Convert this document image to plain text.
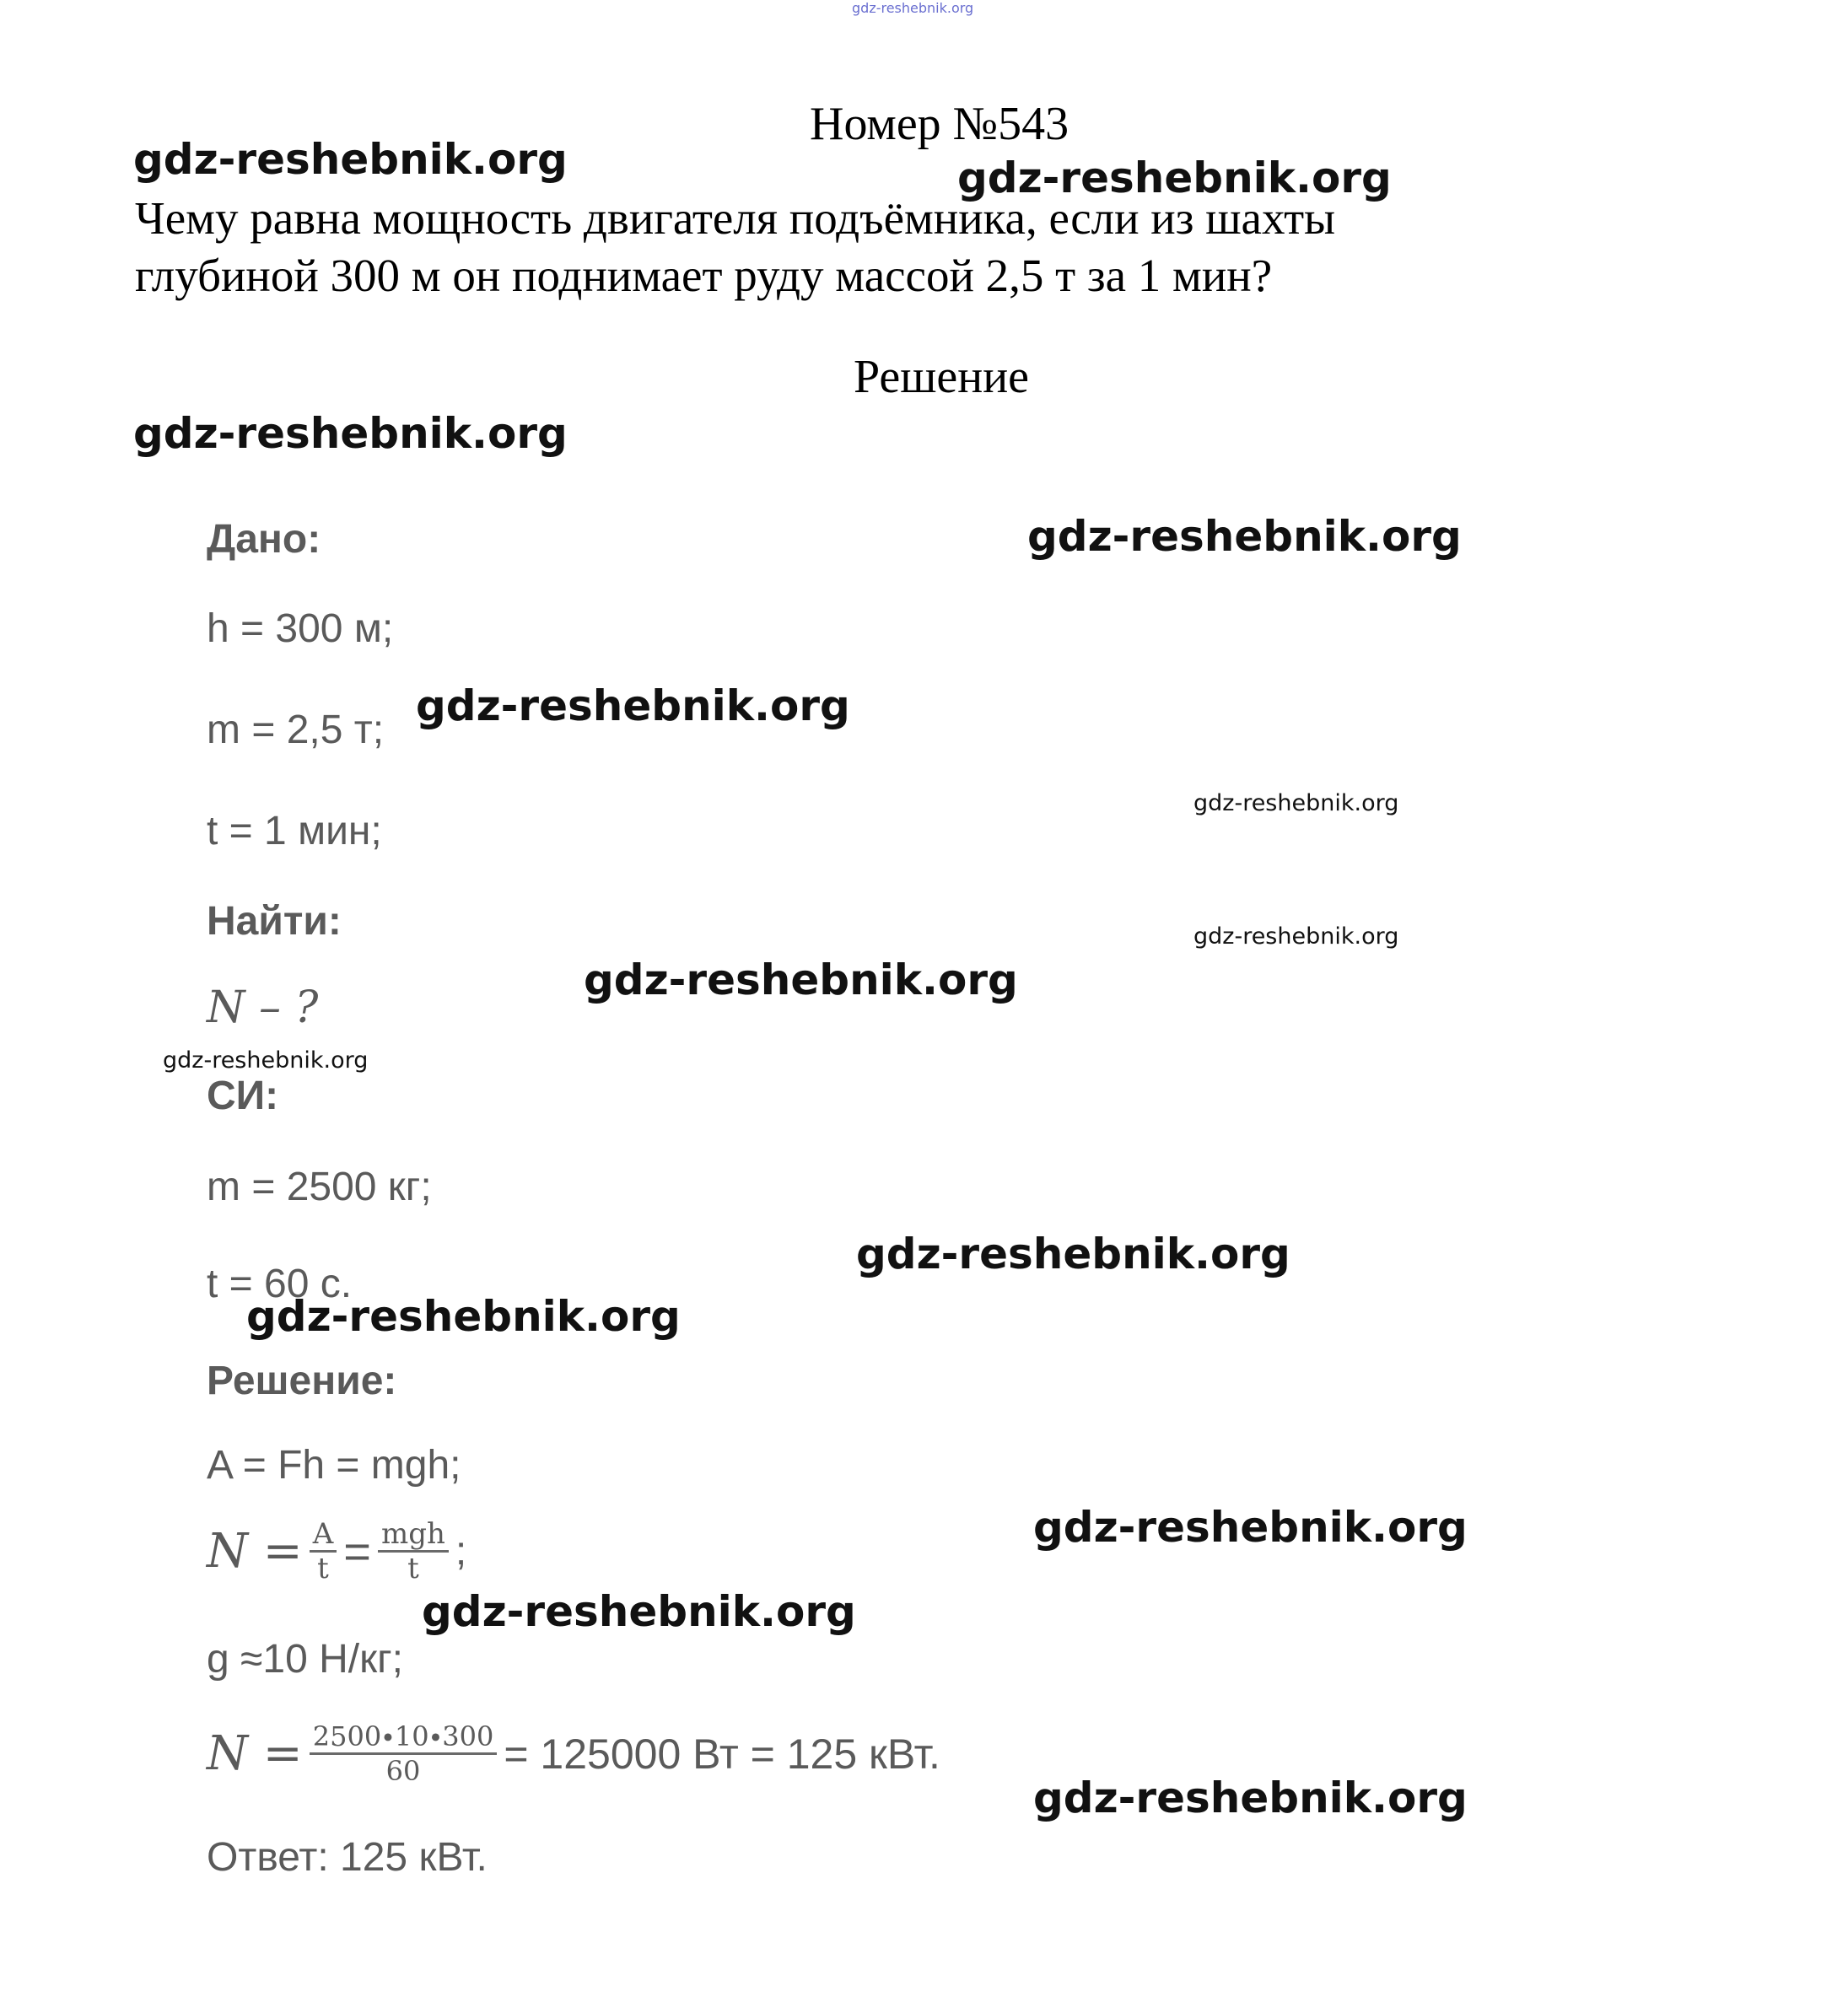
gdz-reshebnik.org
Номер №543
Чему равна мощность двигателя подъёмника, если из шахты глубиной 300 м он поднимает руду массой 2,5 т за 1 мин?
Решение
Дано:
h = 300 м;
m = 2,5 т;
t = 1 мин;
Найти:
N – ?
СИ:
m = 2500 кг;
t = 60 с.
Решение:
A = Fh = mgh;
$N = \frac{A}{t} = \frac{\text{mgh}}{t}$ ;
g ≈10 Н/кг;
$N = \frac{2500\cdot 10\cdot 300}{60} = 125000$ Вт = 125 кВт.
Ответ: 125 кВт.
gdz-reshebnik.org	gdz-reshebnik.org
gdz-reshebnik.org
gdz-reshebnik.org
gdz-reshebnik.org
gdz-reshebnik.org
gdz-reshebnik.org
gdz-reshebnik.org
gdz-reshebnik.org
gdz-reshebnik.org
gdz-reshebnik.org
gdz-reshebnik.org
gdz-reshebnik.org
gdz-reshebnik.org
